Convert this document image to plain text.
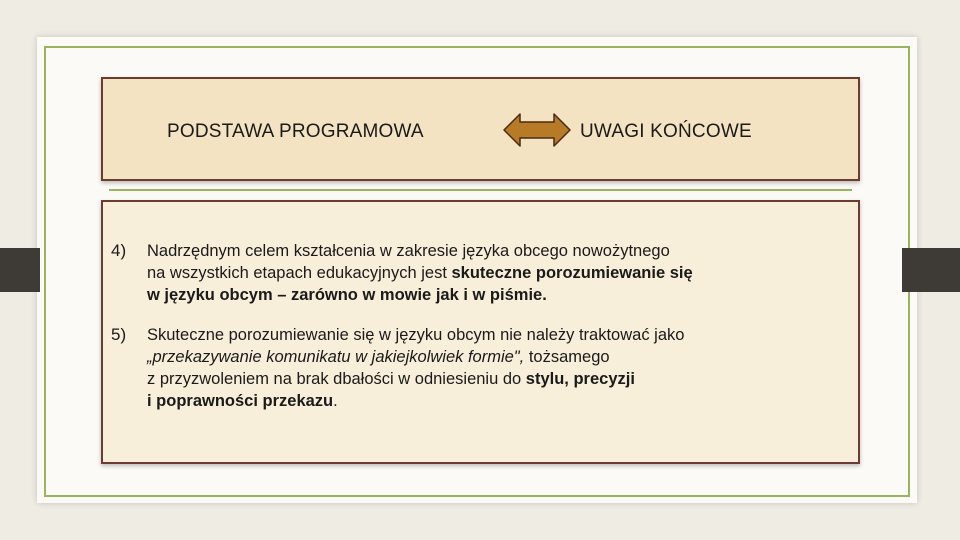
PODSTAWA PROGRAMOWA	UWAGI KOŃCOWE
4) Nadrzędnym celem kształcenia w zakresie języka obcego nowożytnego
na wszystkich etapach edukacyjnych jest skuteczne porozumiewanie się
w języku obcym – zarówno w mowie jak i w piśmie.
5) Skuteczne porozumiewanie się w języku obcym nie należy traktować jako
„przekazywanie komunikatu w jakiejkolwiek formie", tożsamego
z przyzwoleniem na brak dbałości w odniesieniu do stylu, precyzji
i poprawności przekazu.
